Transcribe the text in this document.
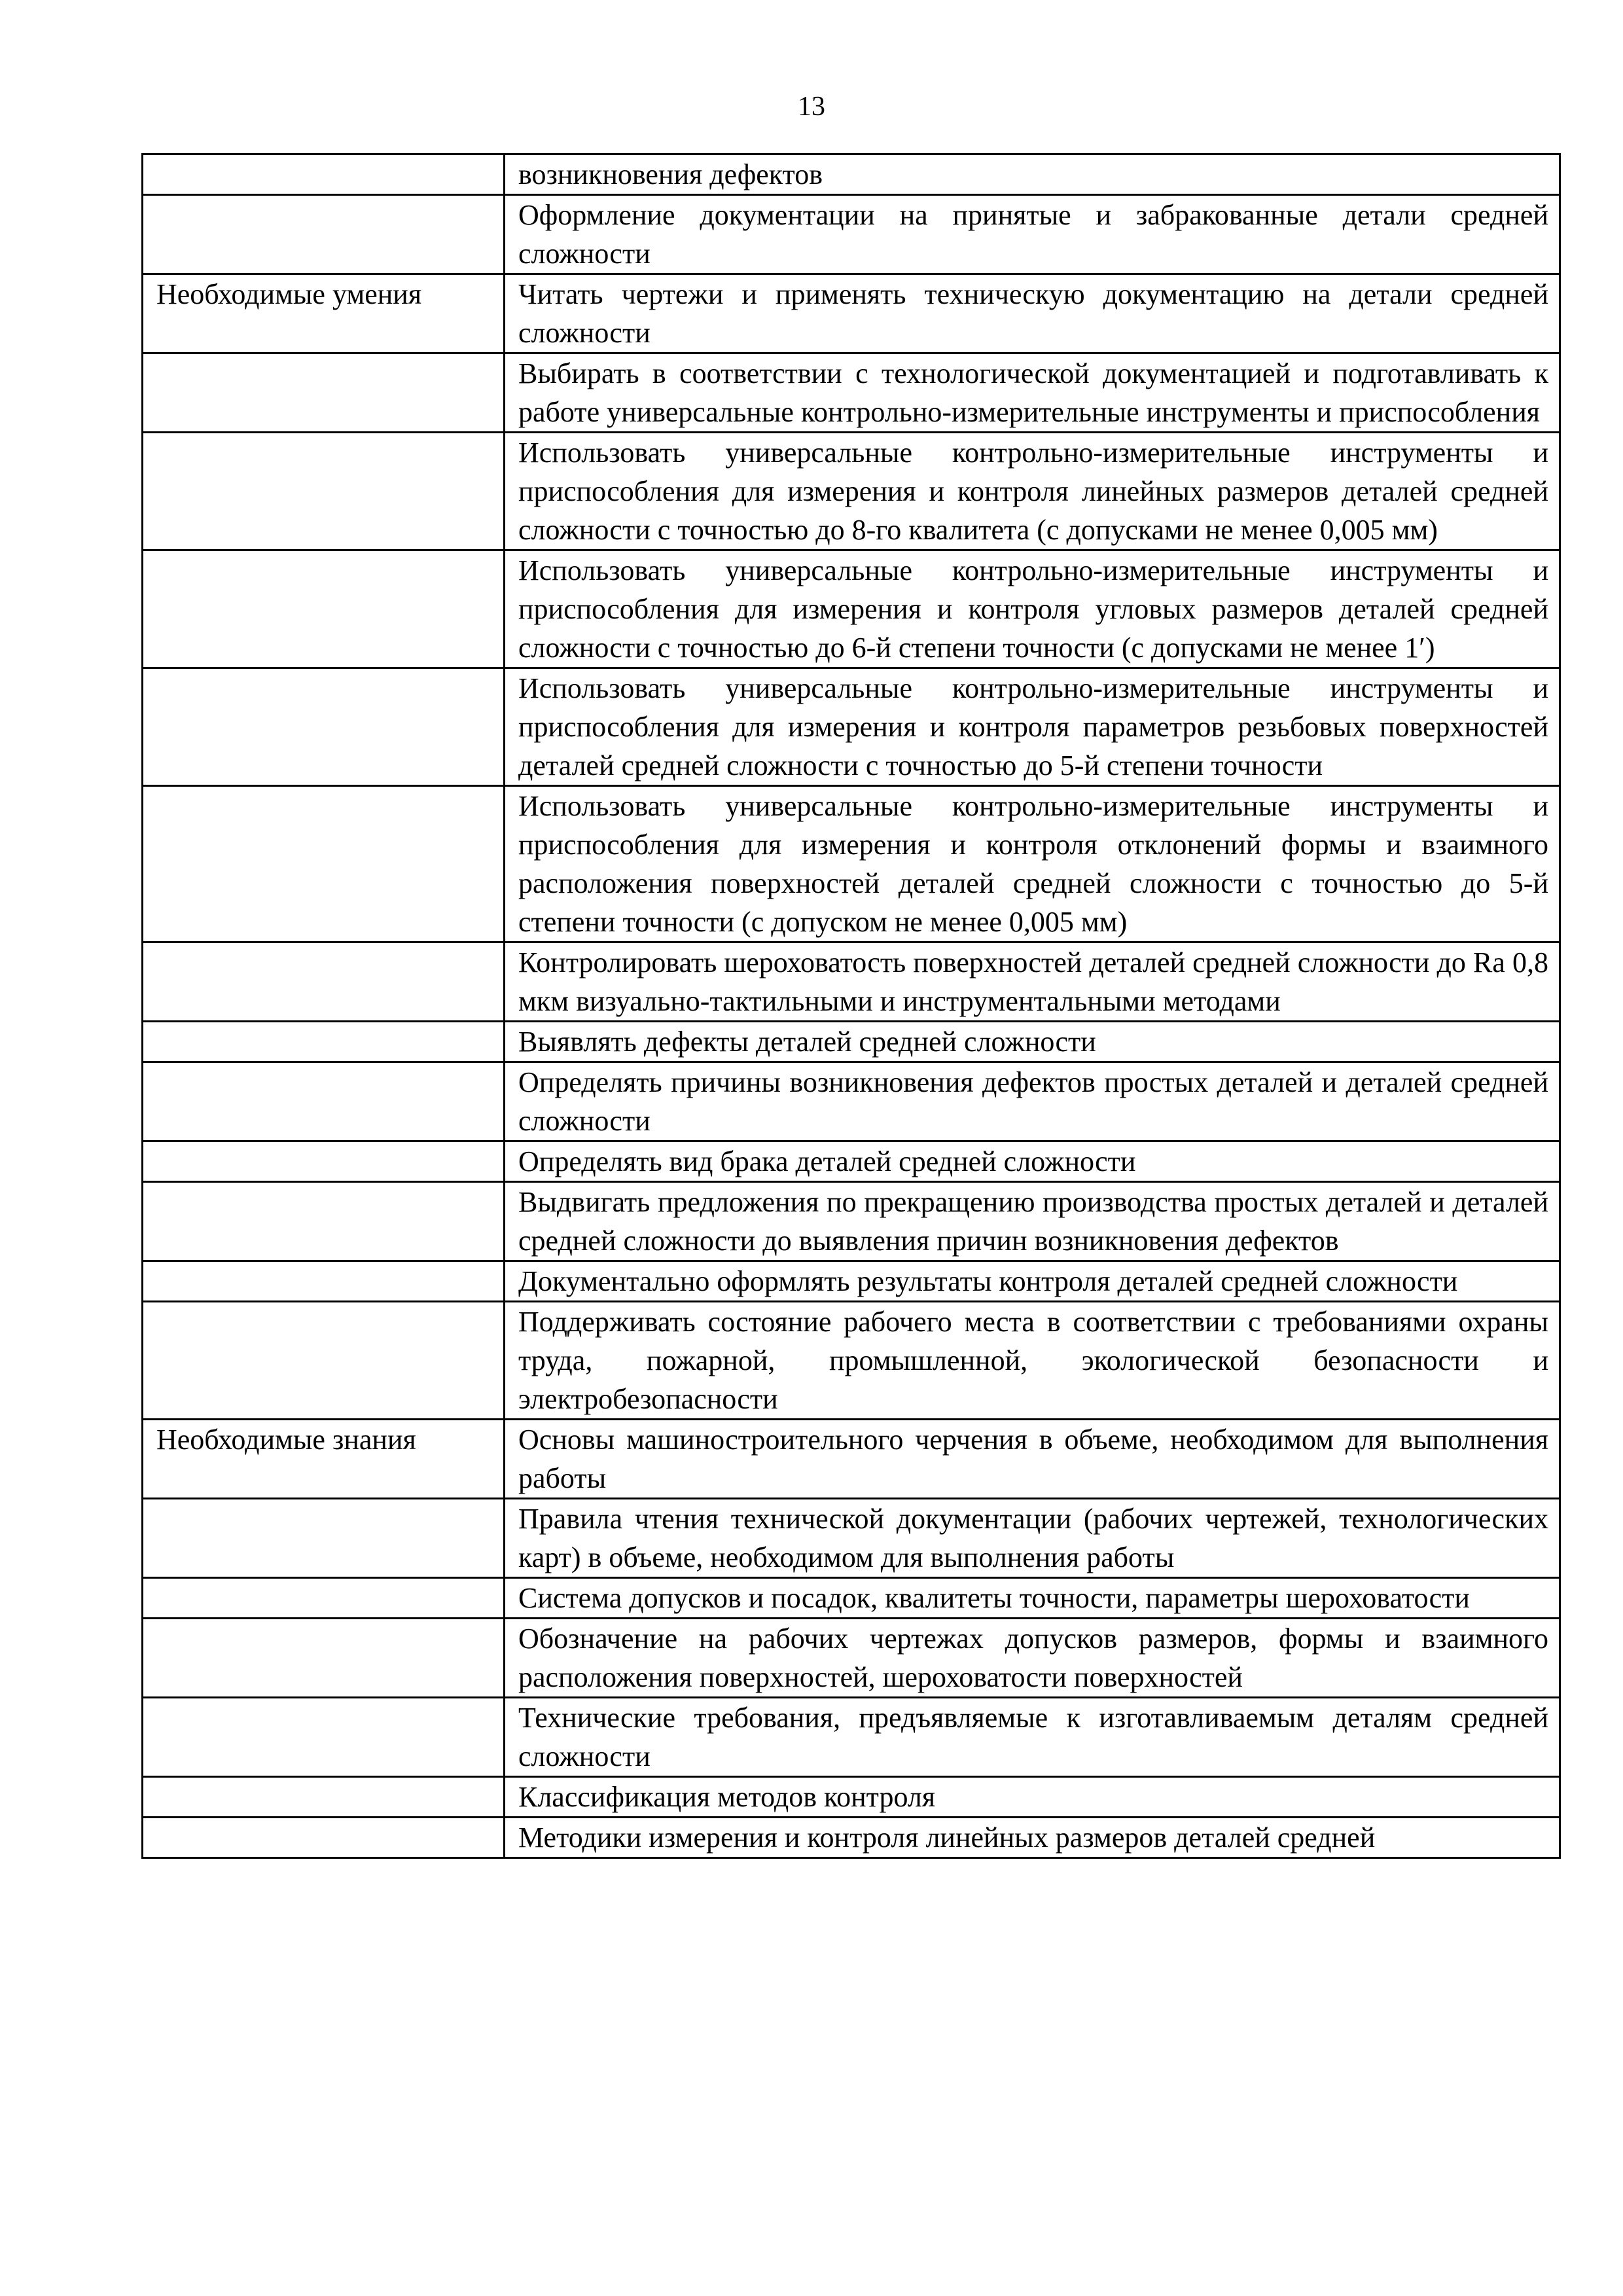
13
	возникновения дефектов
	Оформление документации на принятые и забракованные детали средней сложности
Необходимые умения	Читать чертежи и применять техническую документацию на детали средней сложности
	Выбирать в соответствии с технологической документацией и подготавливать к работе универсальные контрольно-измерительные инструменты и приспособления
	Использовать универсальные контрольно-измерительные инструменты и приспособления для измерения и контроля линейных размеров деталей средней сложности с точностью до 8-го квалитета (с допусками не менее 0,005 мм)
	Использовать универсальные контрольно-измерительные инструменты и приспособления для измерения и контроля угловых размеров деталей средней сложности с точностью до 6-й степени точности (с допусками не менее 1′)
	Использовать универсальные контрольно-измерительные инструменты и приспособления для измерения и контроля параметров резьбовых поверхностей деталей средней сложности с точностью до 5-й степени точности
	Использовать универсальные контрольно-измерительные инструменты и приспособления для измерения и контроля отклонений формы и взаимного расположения поверхностей деталей средней сложности с точностью до 5-й степени точности (с допуском не менее 0,005 мм)
	Контролировать шероховатость поверхностей деталей средней сложности до Ra 0,8 мкм визуально-тактильными и инструментальными методами
	Выявлять дефекты деталей средней сложности
	Определять причины возникновения дефектов простых деталей и деталей средней сложности
	Определять вид брака деталей средней сложности
	Выдвигать предложения по прекращению производства простых деталей и деталей средней сложности до выявления причин возникновения дефектов
	Документально оформлять результаты контроля деталей средней сложности
	Поддерживать состояние рабочего места в соответствии с требованиями охраны труда, пожарной, промышленной, экологической безопасности и электробезопасности
Необходимые знания	Основы машиностроительного черчения в объеме, необходимом для выполнения работы
	Правила чтения технической документации (рабочих чертежей, технологических карт) в объеме, необходимом для выполнения работы
	Система допусков и посадок, квалитеты точности, параметры шероховатости
	Обозначение на рабочих чертежах допусков размеров, формы и взаимного расположения поверхностей, шероховатости поверхностей
	Технические требования, предъявляемые к изготавливаемым деталям средней сложности
	Классификация методов контроля
	Методики измерения и контроля линейных размеров деталей средней
